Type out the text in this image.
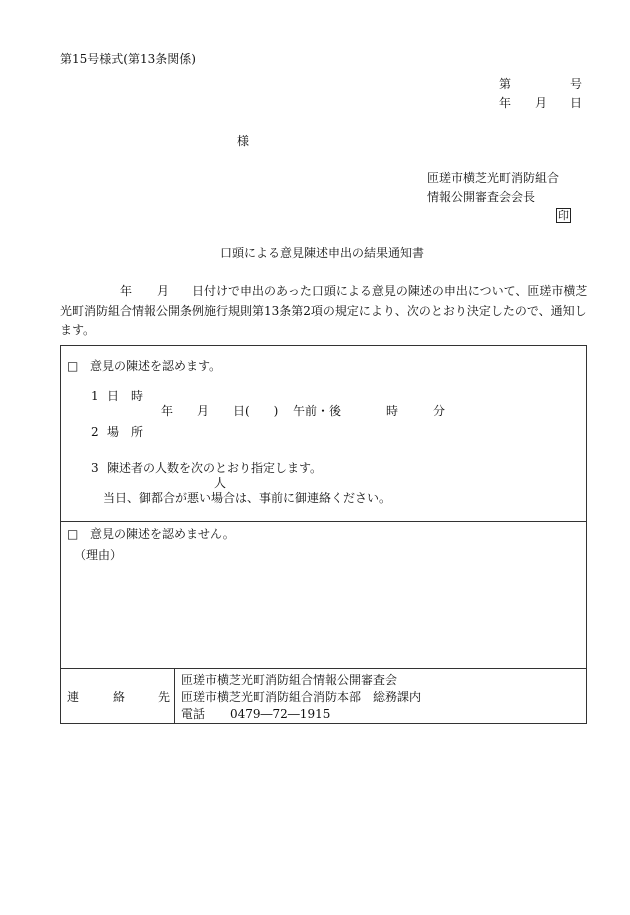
第15号様式(第13条関係)
第	号
年 月 日
様
匝瑳市横芝光町消防組合
情報公開審査会会長
印
口頭による意見陳述申出の結果通知書
年 月 日付けで申出のあった口頭による意見の陳述の申出について、匝瑳市横芝
光町消防組合情報公開条例施行規則第13条第2項の規定により、次のとおり決定したので、通知し
ます。
□ 意見の陳述を認めます。
1 日　時
年 月 日(　　) 午前・後	時	分
2 場　所
3 陳述者の人数を次のとおり指定します。
人
当日、御都合が悪い場合は、事前に御連絡ください。
□ 意見の陳述を認めません。
（理由）
連	絡	先
匝瑳市横芝光町消防組合情報公開審査会
匝瑳市横芝光町消防組合消防本部　総務課内
電話 0479―72―1915
